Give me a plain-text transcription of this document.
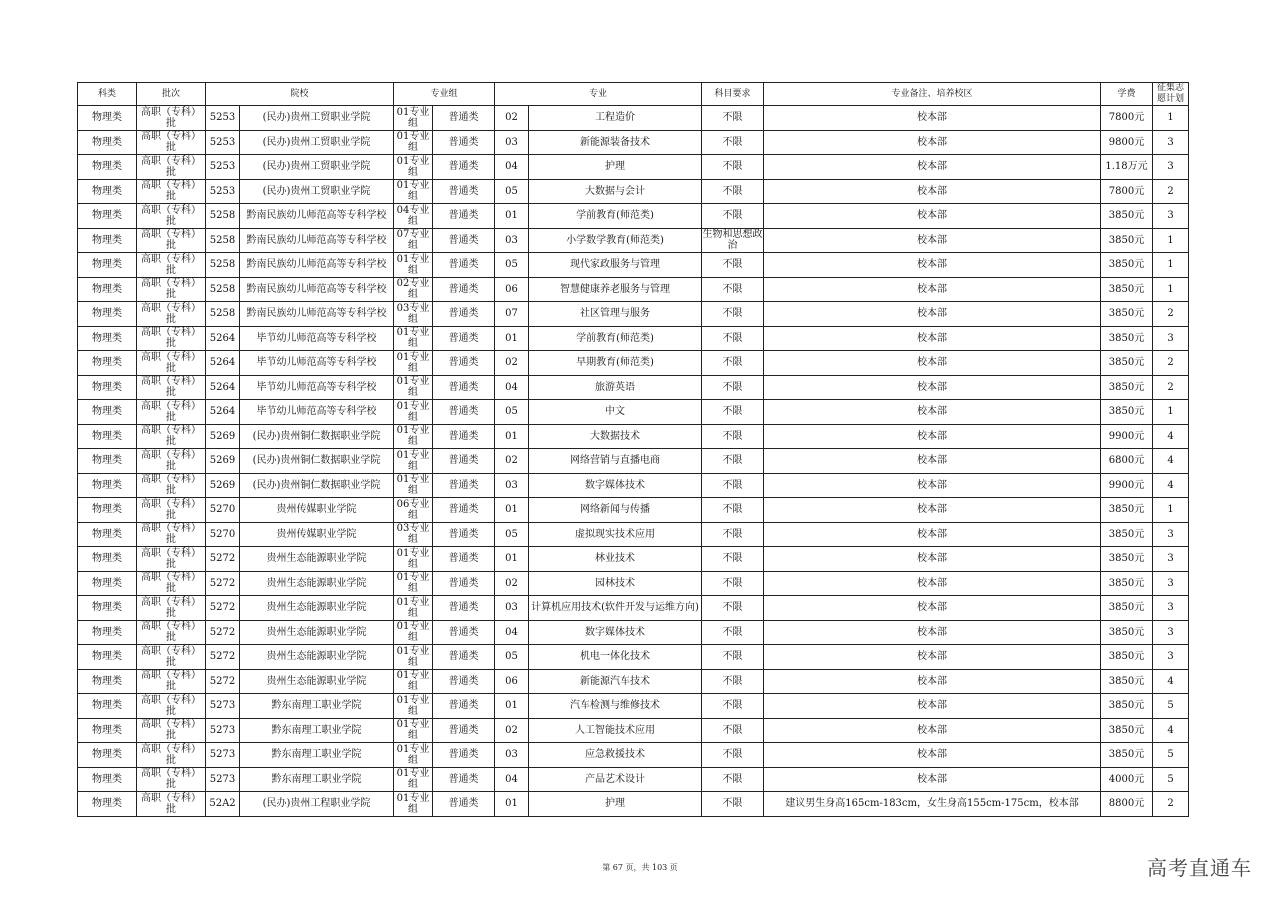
科类	批次	院校		专业组		专业		科目要求	专业备注、培养校区	学费	征集志愿计划
物理类	高职（专科）批	5253	(民办)贵州工贸职业学院	01专业组	普通类	02	工程造价	不限	校本部	7800元	1
物理类	高职（专科）批	5253	(民办)贵州工贸职业学院	01专业组	普通类	03	新能源装备技术	不限	校本部	9800元	3
物理类	高职（专科）批	5253	(民办)贵州工贸职业学院	01专业组	普通类	04	护理	不限	校本部	1.18万元	3
物理类	高职（专科）批	5253	(民办)贵州工贸职业学院	01专业组	普通类	05	大数据与会计	不限	校本部	7800元	2
物理类	高职（专科）批	5258	黔南民族幼儿师范高等专科学校	04专业组	普通类	01	学前教育(师范类)	不限	校本部	3850元	3
物理类	高职（专科）批	5258	黔南民族幼儿师范高等专科学校	07专业组	普通类	03	小学数学教育(师范类)	生物和思想政治	校本部	3850元	1
物理类	高职（专科）批	5258	黔南民族幼儿师范高等专科学校	01专业组	普通类	05	现代家政服务与管理	不限	校本部	3850元	1
物理类	高职（专科）批	5258	黔南民族幼儿师范高等专科学校	02专业组	普通类	06	智慧健康养老服务与管理	不限	校本部	3850元	1
物理类	高职（专科）批	5258	黔南民族幼儿师范高等专科学校	03专业组	普通类	07	社区管理与服务	不限	校本部	3850元	2
物理类	高职（专科）批	5264	毕节幼儿师范高等专科学校	01专业组	普通类	01	学前教育(师范类)	不限	校本部	3850元	3
物理类	高职（专科）批	5264	毕节幼儿师范高等专科学校	01专业组	普通类	02	早期教育(师范类)	不限	校本部	3850元	2
物理类	高职（专科）批	5264	毕节幼儿师范高等专科学校	01专业组	普通类	04	旅游英语	不限	校本部	3850元	2
物理类	高职（专科）批	5264	毕节幼儿师范高等专科学校	01专业组	普通类	05	中文	不限	校本部	3850元	1
物理类	高职（专科）批	5269	(民办)贵州铜仁数据职业学院	01专业组	普通类	01	大数据技术	不限	校本部	9900元	4
物理类	高职（专科）批	5269	(民办)贵州铜仁数据职业学院	01专业组	普通类	02	网络营销与直播电商	不限	校本部	6800元	4
物理类	高职（专科）批	5269	(民办)贵州铜仁数据职业学院	01专业组	普通类	03	数字媒体技术	不限	校本部	9900元	4
物理类	高职（专科）批	5270	贵州传媒职业学院	06专业组	普通类	01	网络新闻与传播	不限	校本部	3850元	1
物理类	高职（专科）批	5270	贵州传媒职业学院	03专业组	普通类	05	虚拟现实技术应用	不限	校本部	3850元	3
物理类	高职（专科）批	5272	贵州生态能源职业学院	01专业组	普通类	01	林业技术	不限	校本部	3850元	3
物理类	高职（专科）批	5272	贵州生态能源职业学院	01专业组	普通类	02	园林技术	不限	校本部	3850元	3
物理类	高职（专科）批	5272	贵州生态能源职业学院	01专业组	普通类	03	计算机应用技术(软件开发与运维方向)	不限	校本部	3850元	3
物理类	高职（专科）批	5272	贵州生态能源职业学院	01专业组	普通类	04	数字媒体技术	不限	校本部	3850元	3
物理类	高职（专科）批	5272	贵州生态能源职业学院	01专业组	普通类	05	机电一体化技术	不限	校本部	3850元	3
物理类	高职（专科）批	5272	贵州生态能源职业学院	01专业组	普通类	06	新能源汽车技术	不限	校本部	3850元	4
物理类	高职（专科）批	5273	黔东南理工职业学院	01专业组	普通类	01	汽车检测与维修技术	不限	校本部	3850元	5
物理类	高职（专科）批	5273	黔东南理工职业学院	01专业组	普通类	02	人工智能技术应用	不限	校本部	3850元	4
物理类	高职（专科）批	5273	黔东南理工职业学院	01专业组	普通类	03	应急救援技术	不限	校本部	3850元	5
物理类	高职（专科）批	5273	黔东南理工职业学院	01专业组	普通类	04	产品艺术设计	不限	校本部	4000元	5
物理类	高职（专科）批	52A2	(民办)贵州工程职业学院	01专业组	普通类	01	护理	不限	建议男生身高165cm-183cm，女生身高155cm-175cm，校本部	8800元	2
第 67 页，共 103 页	高考直通车
